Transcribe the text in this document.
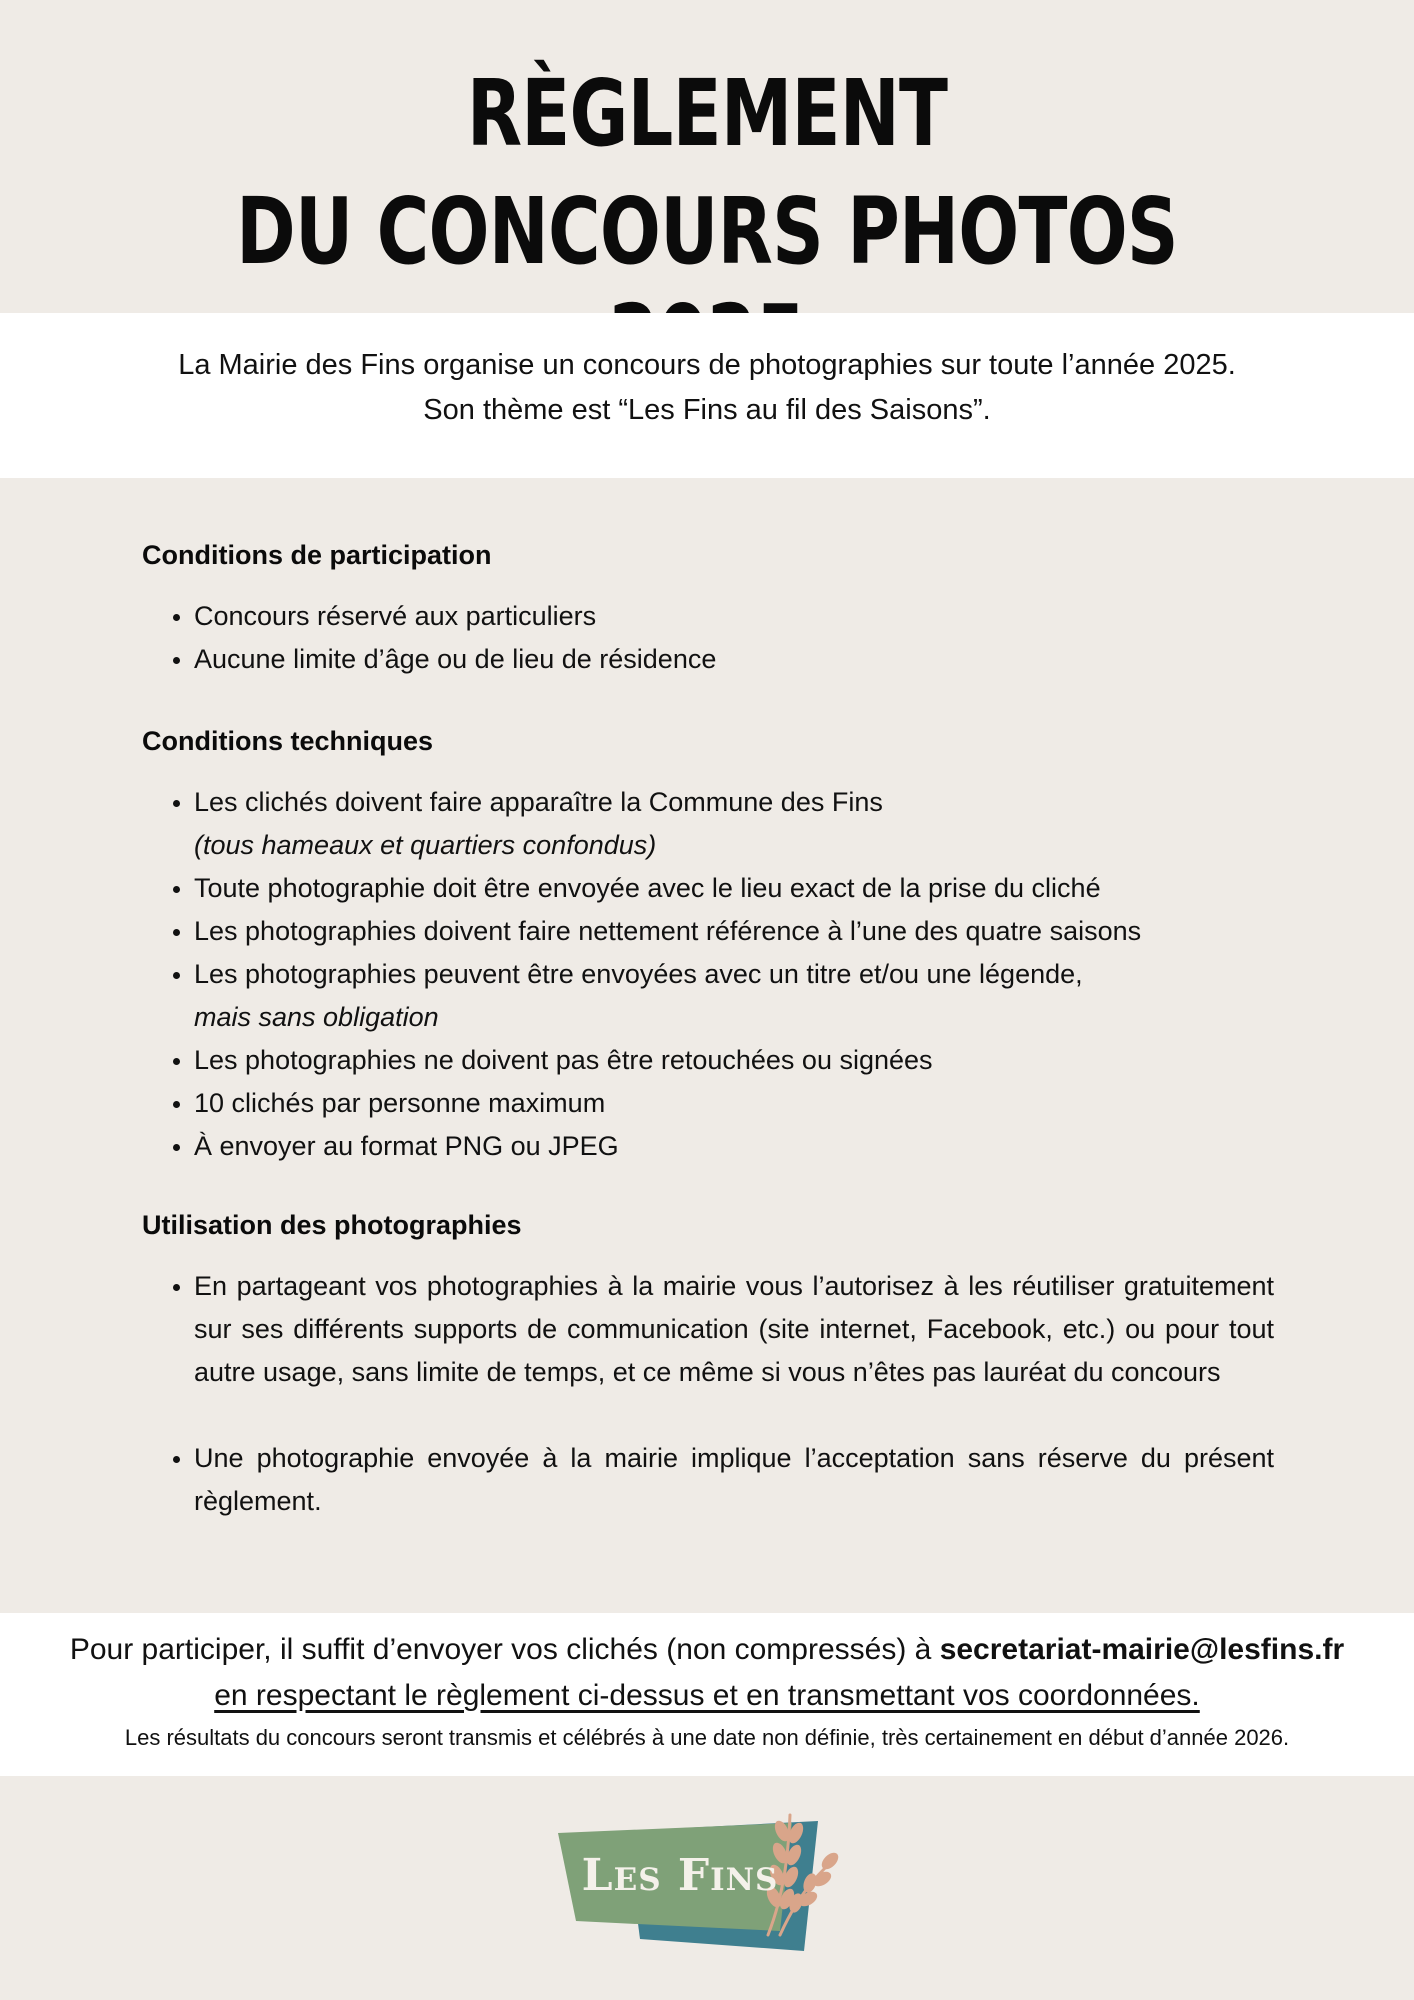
RÈGLEMENT
DU CONCOURS PHOTOS
La Mairie des Fins organise un concours de photographies sur toute l’année 2025.
Son thème est “Les Fins au fil des Saisons”.
Conditions de participation
Concours réservé aux particuliers
Aucune limite d’âge ou de lieu de résidence
Conditions techniques
Les clichés doivent faire apparaître la Commune des Fins
(tous hameaux et quartiers confondus)
Toute photographie doit être envoyée avec le lieu exact de la prise du cliché
Les photographies doivent faire nettement référence à l’une des quatre saisons
Les photographies peuvent être envoyées avec un titre et/ou une légende,
mais sans obligation
Les photographies ne doivent pas être retouchées ou signées
10 clichés par personne maximum
À envoyer au format PNG ou JPEG
Utilisation des photographies
En partageant vos photographies à la mairie vous l’autorisez à les réutiliser gratuitement sur ses différents supports de communication (site internet, Facebook, etc.) ou pour tout autre usage, sans limite de temps, et ce même si vous n’êtes pas lauréat du concours
Une photographie envoyée à la mairie implique l’acceptation sans réserve du présent règlement.
Pour participer, il suffit d’envoyer vos clichés (non compressés) à secretariat-mairie@lesfins.fr
en respectant le règlement ci-dessus et en transmettant vos coordonnées.
Les résultats du concours seront transmis et célébrés à une date non définie, très certainement en début d’année 2026.
Les Fins
